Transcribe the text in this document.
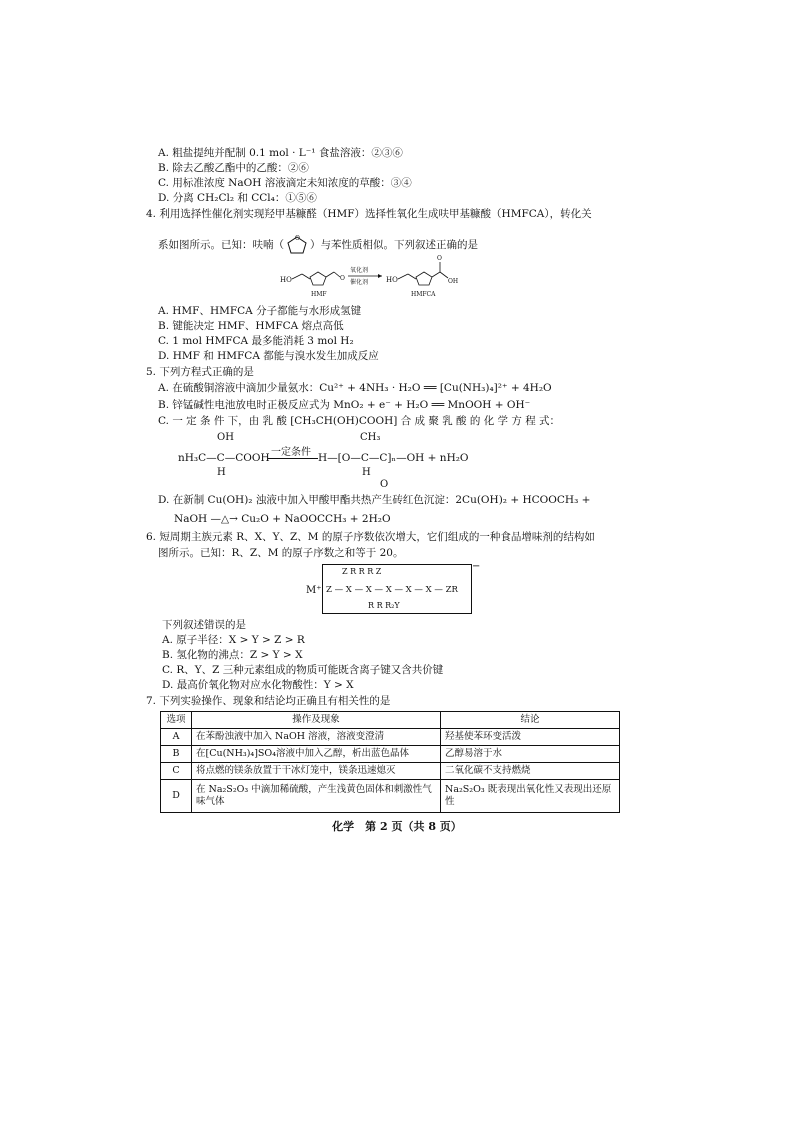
A. 粗盐提纯并配制 0.1 mol · L⁻¹ 食盐溶液：②③⑥
B. 除去乙酸乙酯中的乙酸：②⑥
C. 用标准浓度 NaOH 溶液滴定未知浓度的草酸：③④
D. 分离 CH₂Cl₂ 和 CCl₄：①⑤⑥
4. 利用选择性催化剂实现羟甲基糠醛（HMF）选择性氧化生成呋甲基糠酸（HMFCA），转化关
系如图所示。已知：呋喃（
O
）与苯性质相似。下列叙述正确的是
HO	O
HMF
氧化剂
催化剂	HO
O
OH
HMFCA
A. HMF、HMFCA 分子都能与水形成氢键
B. 键能决定 HMF、HMFCA 熔点高低
C. 1 mol HMFCA 最多能消耗 3 mol H₂
D. HMF 和 HMFCA 都能与溴水发生加成反应
5. 下列方程式正确的是
A. 在硫酸铜溶液中滴加少量氨水：Cu²⁺ + 4NH₃ · H₂O ══ [Cu(NH₃)₄]²⁺ + 4H₂O
B. 锌锰碱性电池放电时正极反应式为 MnO₂ + e⁻ + H₂O ══ MnOOH + OH⁻
C. 一 定 条 件 下，由 乳 酸 [CH₃CH(OH)COOH] 合 成 聚 乳 酸 的 化 学 方 程 式：
OH	CH₃
nH₃C—C—COOH 一定条件 H—[O—C—C]ₙ—OH + nH₂O
H	H
O
D. 在新制 Cu(OH)₂ 浊液中加入甲酸甲酯共热产生砖红色沉淀：2Cu(OH)₂ + HCOOCH₃ +
NaOH —△→ Cu₂O + NaOOCCH₃ + 2H₂O
6. 短周期主族元素 R、X、Y、Z、M 的原子序数依次增大，它们组成的一种食品增味剂的结构如
图所示。已知：R、Z、M 的原子序数之和等于 20。
M⁺
−
Z R R R Z
Z — X — X — X — X — X — ZR
R R R₂Y
下列叙述错误的是
A. 原子半径：X > Y > Z > R
B. 氢化物的沸点：Z > Y > X
C. R、Y、Z 三种元素组成的物质可能既含离子键又含共价键
D. 最高价氧化物对应水化物酸性：Y > X
7. 下列实验操作、现象和结论均正确且有相关性的是
选项	操作及现象	结论
A	在苯酚浊液中加入 NaOH 溶液，溶液变澄清	羟基使苯环变活泼
B	在[Cu(NH₃)₄]SO₄溶液中加入乙醇，析出蓝色晶体	乙醇易溶于水
C	将点燃的镁条放置于干冰灯笼中，镁条迅速熄灭	二氧化碳不支持燃烧
D	在 Na₂S₂O₃ 中滴加稀硫酸，产生浅黄色固体和刺激性气味气体	Na₂S₂O₃ 既表现出氧化性又表现出还原性
化学　第 2 页（共 8 页）
